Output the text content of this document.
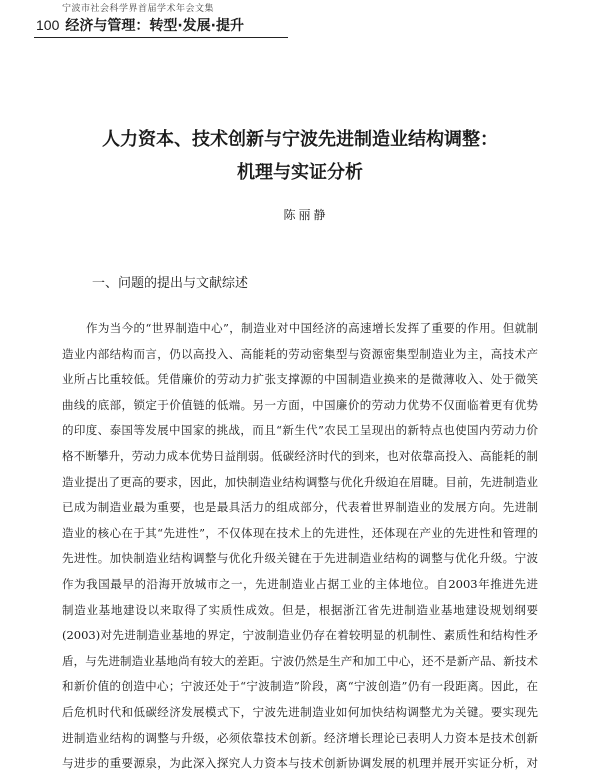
宁波市社会科学界首届学术年会文集
100 经济与管理：转型·发展·提升
人力资本、技术创新与宁波先进制造业结构调整：
机理与实证分析
陈丽静
一、问题的提出与文献综述
作为当今的“世界制造中心”，制造业对中国经济的高速增长发挥了重要的作用。但就制
造业内部结构而言，仍以高投入、高能耗的劳动密集型与资源密集型制造业为主，高技术产
业所占比重较低。凭借廉价的劳动力扩张支撑源的中国制造业换来的是微薄收入、处于微笑
曲线的底部，锁定于价值链的低端。另一方面，中国廉价的劳动力优势不仅面临着更有优势
的印度、泰国等发展中国家的挑战，而且“新生代”农民工呈现出的新特点也使国内劳动力价
格不断攀升，劳动力成本优势日益削弱。低碳经济时代的到来，也对依靠高投入、高能耗的制
造业提出了更高的要求，因此，加快制造业结构调整与优化升级迫在眉睫。目前，先进制造业
已成为制造业最为重要，也是最具活力的组成部分，代表着世界制造业的发展方向。先进制
造业的核心在于其“先进性”，不仅体现在技术上的先进性，还体现在产业的先进性和管理的
先进性。加快制造业结构调整与优化升级关键在于先进制造业结构的调整与优化升级。宁波
作为我国最早的沿海开放城市之一，先进制造业占据工业的主体地位。自2003年推进先进
制造业基地建设以来取得了实质性成效。但是，根据浙江省先进制造业基地建设规划纲要
(2003)对先进制造业基地的界定，宁波制造业仍存在着较明显的机制性、素质性和结构性矛
盾，与先进制造业基地尚有较大的差距。宁波仍然是生产和加工中心，还不是新产品、新技术
和新价值的创造中心；宁波还处于“宁波制造”阶段，离“宁波创造”仍有一段距离。因此，在
后危机时代和低碳经济发展模式下，宁波先进制造业如何加快结构调整尤为关键。要实现先
进制造业结构的调整与升级，必须依靠技术创新。经济增长理论已表明人力资本是技术创新
与进步的重要源泉，为此深入探究人力资本与技术创新协调发展的机理并展开实证分析，对
